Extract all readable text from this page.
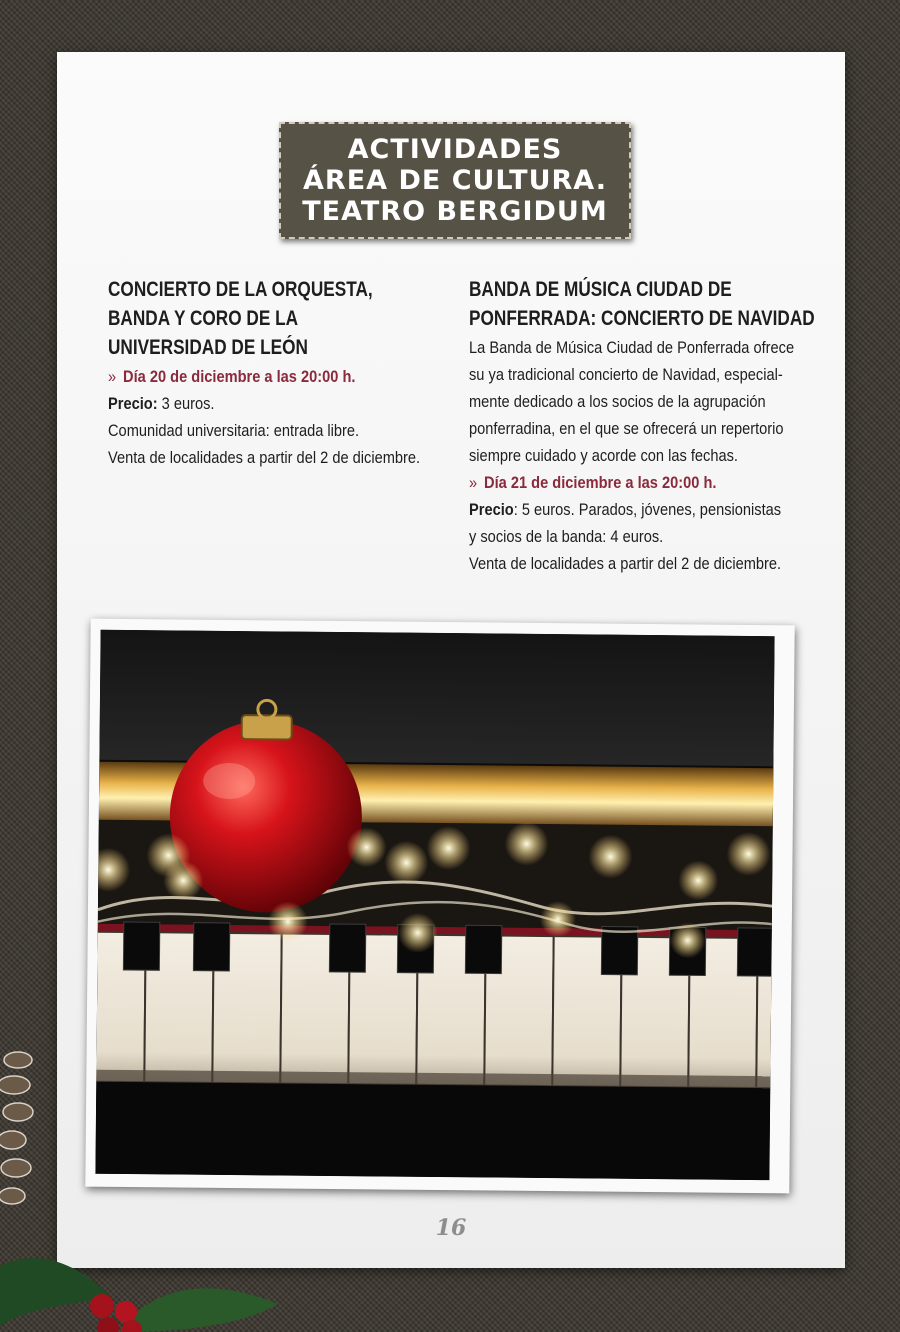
ACTIVIDADES
ÁREA DE CULTURA.
TEATRO BERGIDUM
CONCIERTO DE LA ORQUESTA,
BANDA Y CORO DE LA
UNIVERSIDAD DE LEÓN
» Día 20 de diciembre a las 20:00 h.
Precio: 3 euros.
Comunidad universitaria: entrada libre.
Venta de localidades a partir del 2 de diciembre.
BANDA DE MÚSICA CIUDAD DE
PONFERRADA: CONCIERTO DE NAVIDAD
La Banda de Música Ciudad de Ponferrada ofrece
su ya tradicional concierto de Navidad, especial-
mente dedicado a los socios de la agrupación
ponferradina, en el que se ofrecerá un repertorio
siempre cuidado y acorde con las fechas.
» Día 21 de diciembre a las 20:00 h.
Precio: 5 euros. Parados, jóvenes, pensionistas
y socios de la banda: 4 euros.
Venta de localidades a partir del 2 de diciembre.
16
